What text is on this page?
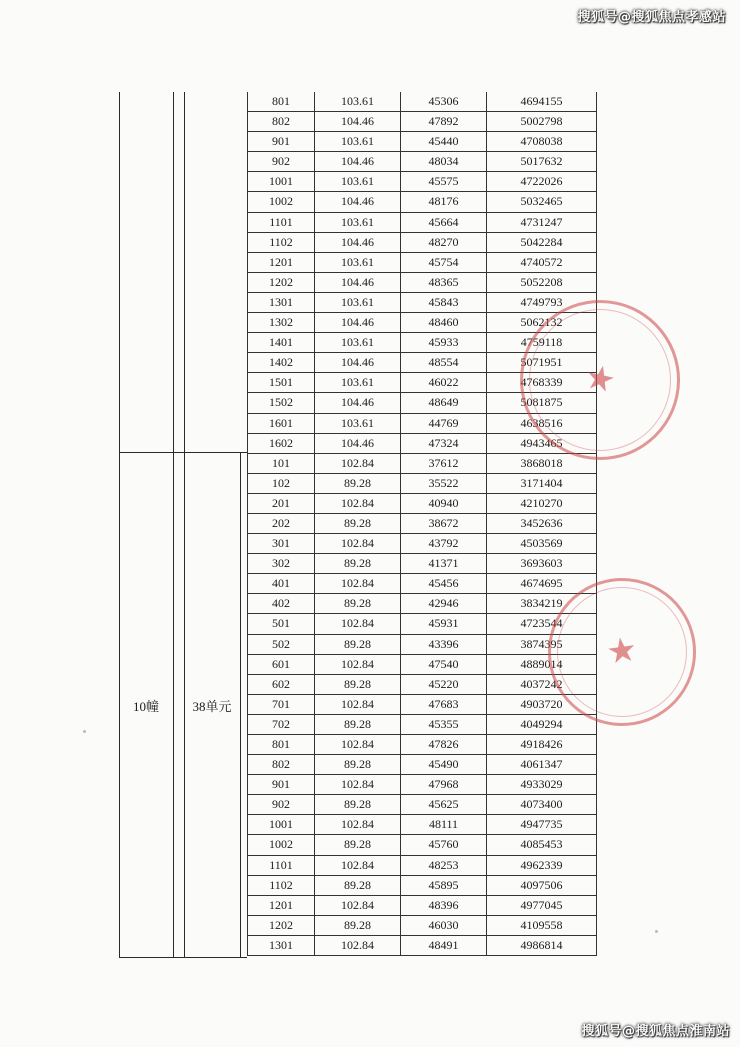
搜狐号@搜狐焦点孝感站
10幢	38单元
801	103.61	45306	4694155
802	104.46	47892	5002798
901	103.61	45440	4708038
902	104.46	48034	5017632
1001	103.61	45575	4722026
1002	104.46	48176	5032465
1101	103.61	45664	4731247
1102	104.46	48270	5042284
1201	103.61	45754	4740572
1202	104.46	48365	5052208
1301	103.61	45843	4749793
1302	104.46	48460	5062132
1401	103.61	45933	4759118
1402	104.46	48554	5071951
1501	103.61	46022	4768339
1502	104.46	48649	5081875
1601	103.61	44769	4638516
1602	104.46	47324	4943465
101	102.84	37612	3868018
102	89.28	35522	3171404
201	102.84	40940	4210270
202	89.28	38672	3452636
301	102.84	43792	4503569
302	89.28	41371	3693603
401	102.84	45456	4674695
402	89.28	42946	3834219
501	102.84	45931	4723544
502	89.28	43396	3874395
601	102.84	47540	4889014
602	89.28	45220	4037242
701	102.84	47683	4903720
702	89.28	45355	4049294
801	102.84	47826	4918426
802	89.28	45490	4061347
901	102.84	47968	4933029
902	89.28	45625	4073400
1001	102.84	48111	4947735
1002	89.28	45760	4085453
1101	102.84	48253	4962339
1102	89.28	45895	4097506
1201	102.84	48396	4977045
1202	89.28	46030	4109558
1301	102.84	48491	4986814
★
★
搜狐号@搜狐焦点淮南站
